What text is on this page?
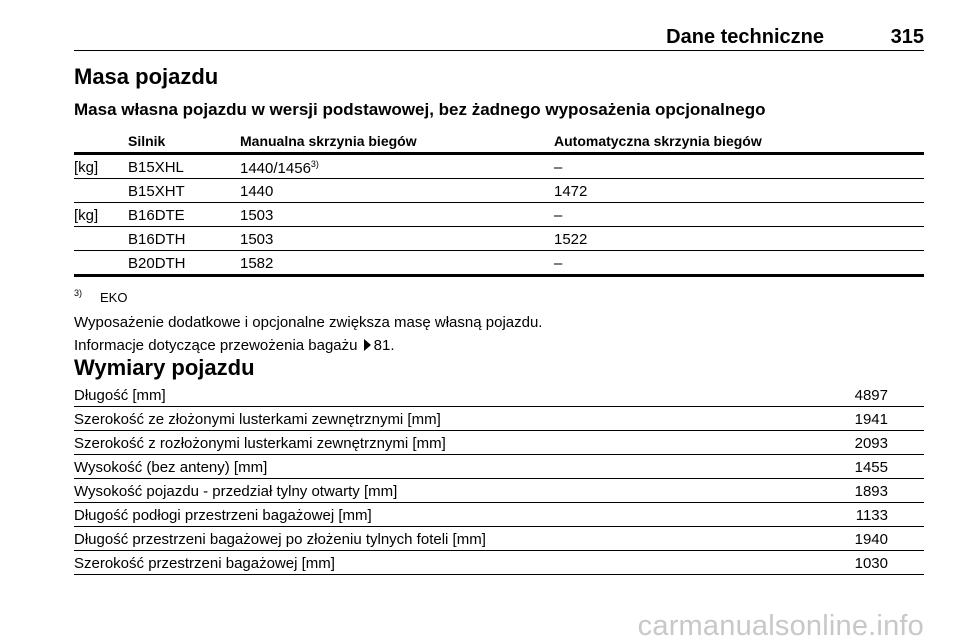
Dane techniczne	315
Masa pojazdu
Masa własna pojazdu w wersji podstawowej, bez żadnego wyposażenia opcjonalnego
Silnik	Manualna skrzynia biegów	Automatyczna skrzynia biegów
[kg] B15XHL	1440/1456$^{3)}$	–
B15XHT	1440	1472
[kg] B16DTE	1503	–
B16DTH	1503	1522
B20DTH	1582	–
3) EKO
Wyposażenie dodatkowe i opcjonalne zwiększa masę własną pojazdu.
Informacje dotyczące przewożenia bagażu 81.
Wymiary pojazdu
Długość [mm]	4897
Szerokość ze złożonymi lusterkami zewnętrznymi [mm]	1941
Szerokość z rozłożonymi lusterkami zewnętrznymi [mm]	2093
Wysokość (bez anteny) [mm]	1455
Wysokość pojazdu - przedział tylny otwarty [mm]	1893
Długość podłogi przestrzeni bagażowej [mm]	1133
Długość przestrzeni bagażowej po złożeniu tylnych foteli [mm]	1940
Szerokość przestrzeni bagażowej [mm]	1030
carmanualsonline.info
